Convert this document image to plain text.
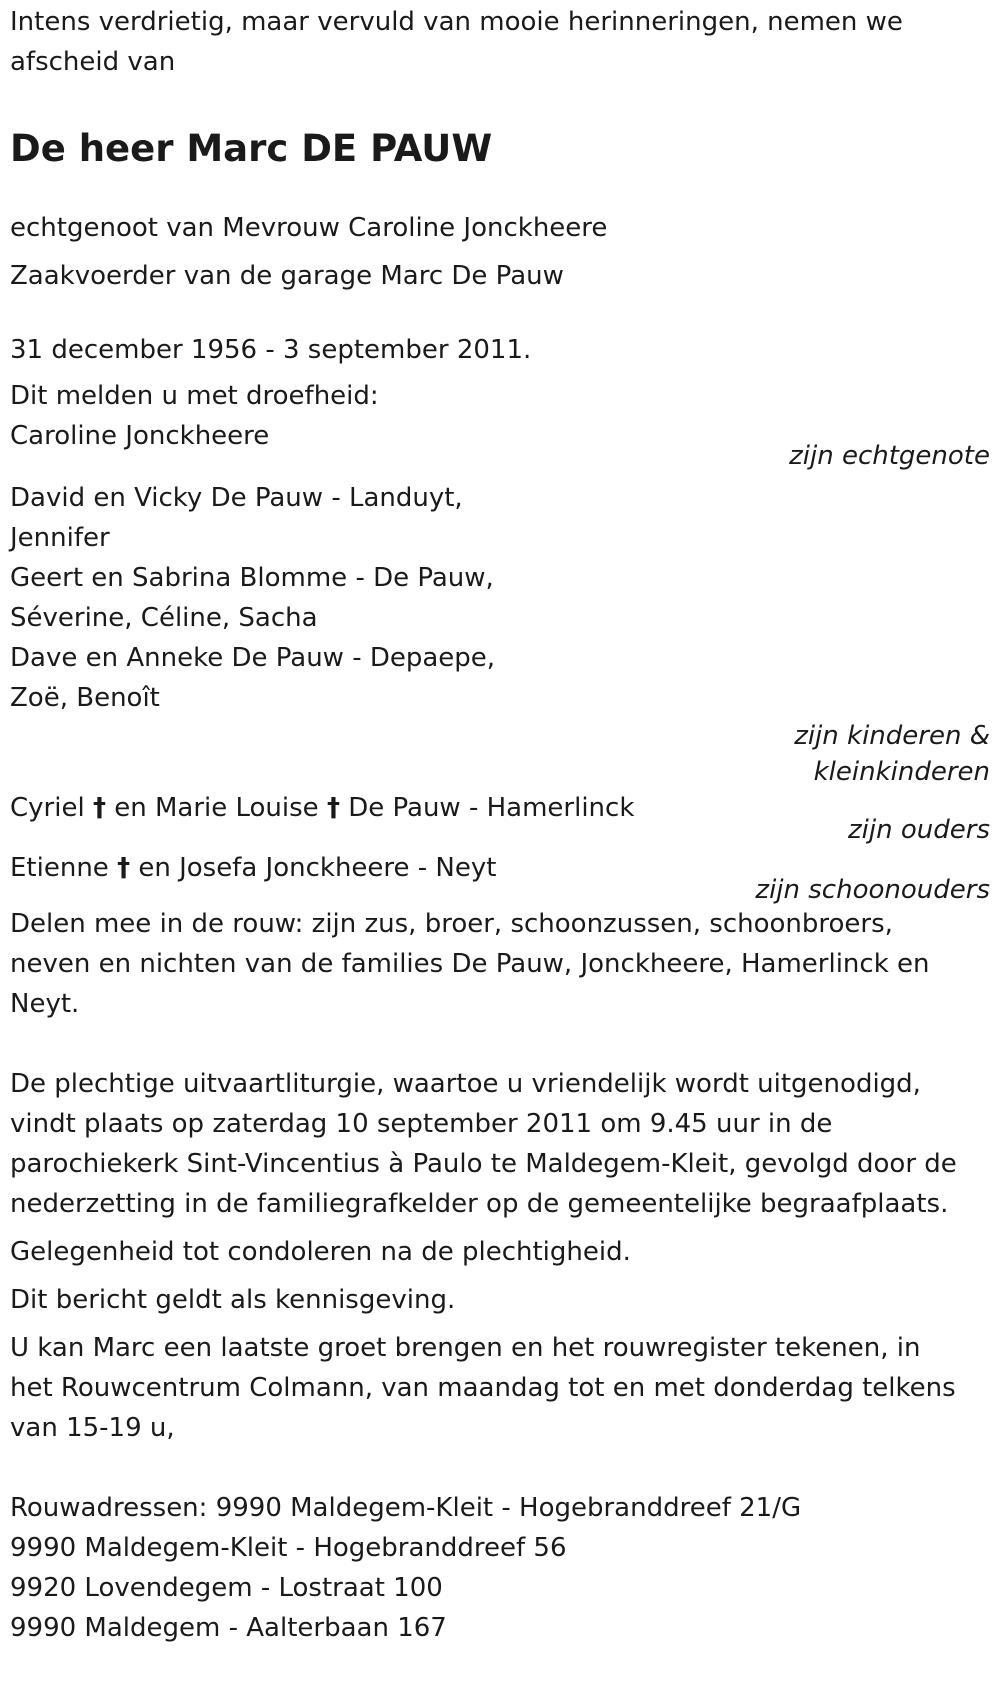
Intens verdrietig, maar vervuld van mooie herinneringen, nemen we
afscheid van
De heer Marc DE PAUW
echtgenoot van Mevrouw Caroline Jonckheere
Zaakvoerder van de garage Marc De Pauw
31 december 1956 - 3 september 2011.
Dit melden u met droefheid:
Caroline Jonckheere
zijn echtgenote
David en Vicky De Pauw - Landuyt,
Jennifer
Geert en Sabrina Blomme - De Pauw,
Séverine, Céline, Sacha
Dave en Anneke De Pauw - Depaepe,
Zoë, Benoît
zijn kinderen &
kleinkinderen
Cyriel † en Marie Louise † De Pauw - Hamerlinck
zijn ouders
Etienne † en Josefa Jonckheere - Neyt
zijn schoonouders
Delen mee in de rouw: zijn zus, broer, schoonzussen, schoonbroers,
neven en nichten van de families De Pauw, Jonckheere, Hamerlinck en
Neyt.
De plechtige uitvaartliturgie, waartoe u vriendelijk wordt uitgenodigd,
vindt plaats op zaterdag 10 september 2011 om 9.45 uur in de
parochiekerk Sint-Vincentius à Paulo te Maldegem-Kleit, gevolgd door de
nederzetting in de familiegrafkelder op de gemeentelijke begraafplaats.
Gelegenheid tot condoleren na de plechtigheid.
Dit bericht geldt als kennisgeving.
U kan Marc een laatste groet brengen en het rouwregister tekenen, in
het Rouwcentrum Colmann, van maandag tot en met donderdag telkens
van 15-19 u,
Rouwadressen: 9990 Maldegem-Kleit - Hogebranddreef 21/G
9990 Maldegem-Kleit - Hogebranddreef 56
9920 Lovendegem - Lostraat 100
9990 Maldegem - Aalterbaan 167
